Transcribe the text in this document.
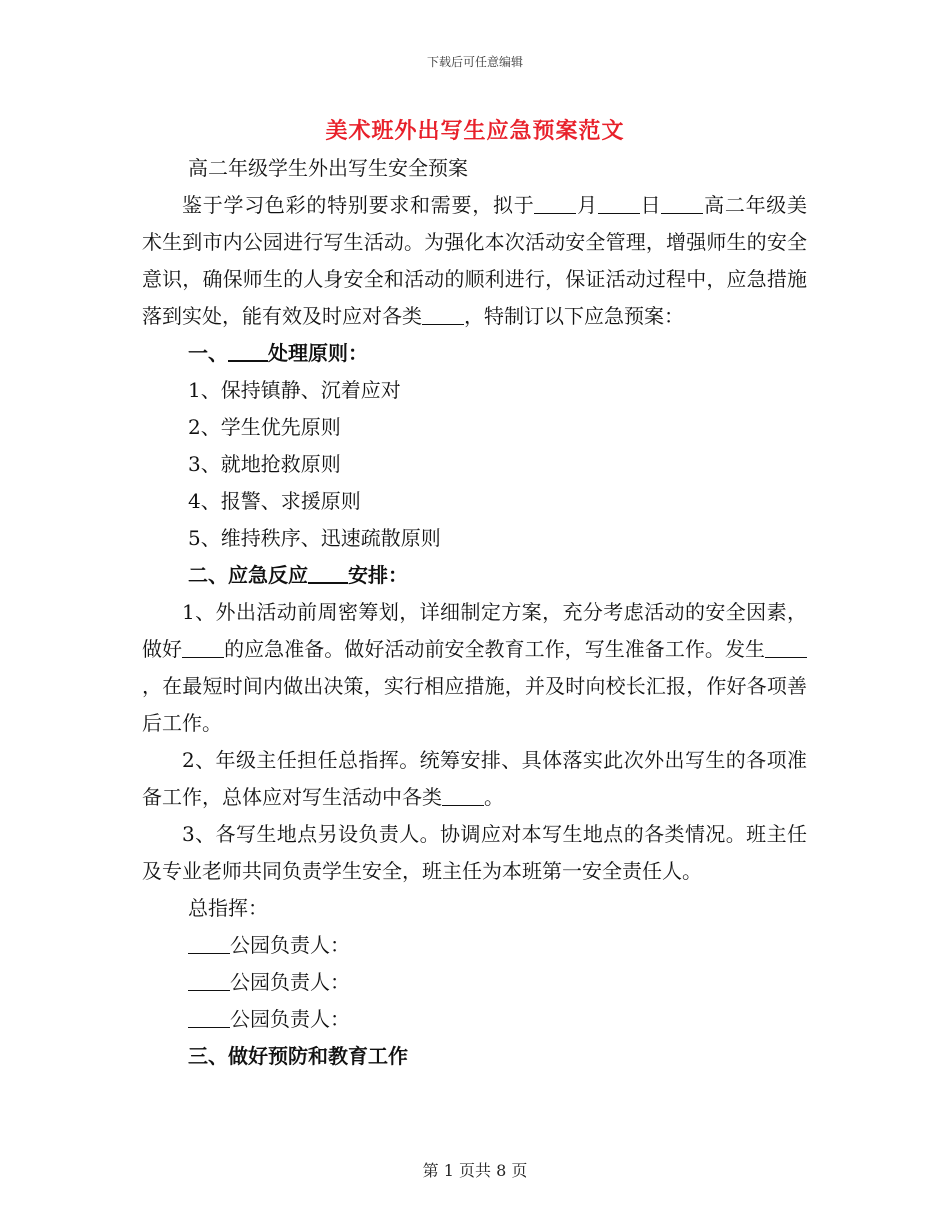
下载后可任意编辑
美术班外出写生应急预案范文
高二年级学生外出写生安全预案
鉴于学习色彩的特别要求和需要，拟于 月 日 高二年级美术生到市内公园进行写生活动。为强化本次活动安全管理，增强师生的安全意识，确保师生的人身安全和活动的顺利进行，保证活动过程中，应急措施落到实处，能有效及时应对各类 ，特制订以下应急预案：
一、 处理原则：
1、保持镇静、沉着应对
2、学生优先原则
3、就地抢救原则
4、报警、求援原则
5、维持秩序、迅速疏散原则
二、应急反应 安排：
1、外出活动前周密筹划，详细制定方案，充分考虑活动的安全因素，做好 的应急准备。做好活动前安全教育工作，写生准备工作。发生，在最短时间内做出决策，实行相应措施，并及时向校长汇报，作好各项善后工作。
2、年级主任担任总指挥。统筹安排、具体落实此次外出写生的各项准备工作，总体应对写生活动中各类 。
3、各写生地点另设负责人。协调应对本写生地点的各类情况。班主任及专业老师共同负责学生安全，班主任为本班第一安全责任人。
总指挥：
公园负责人：
公园负责人：
公园负责人：
三、做好预防和教育工作
第 1 页共 8 页
